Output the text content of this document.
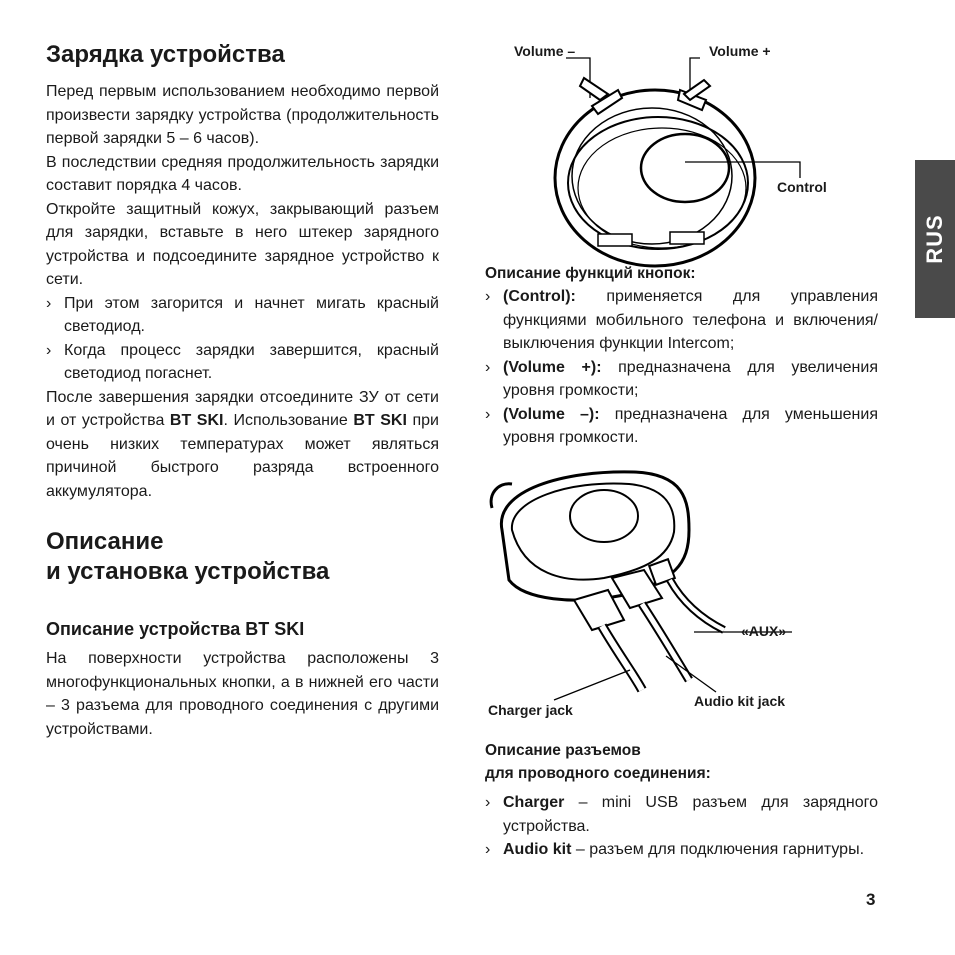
RUS
Зарядка устройства

Перед первым использованием необходимо первой произвести зарядку устройства (продолжительность первой зарядки 5 – 6 часов).

В последствии средняя продолжительность зарядки составит порядка 4 часов.

Откройте защитный кожух, закрывающий разъем для зарядки, вставьте в него штекер зарядного устройства и подсоедините зарядное устройство к сети.

› При этом загорится и начнет мигать красный светодиод.
› Когда процесс зарядки завершится, красный светодиод погаснет.

После завершения зарядки отсоедините ЗУ от сети и от устройства BT SKI. Использование BT SKI при очень низких температурах может являться причиной быстрого разряда встроенного аккумулятора.

Описание
и установка устройства
Описание устройства BT SKI

На поверхности устройства расположены 3 многофункциональных кнопки, а в нижней его части – 3 разъема для проводного соединения с другими устройствами.

Volume –	Volume +
Control
Описание функций кнопок:
› (Control): применяется для управления функциями мобильного телефона и включения/выключения функции Intercom;
› (Volume +): предназначена для увеличения уровня громкости;
› (Volume –): предназначена для уменьшения уровня громкости.
«AUX»
Charger jack
Audio kit jack
Описание разъемов
для проводного соединения:
› Charger – mini USB разъем для зарядного устройства.
› Audio kit – разъем для подключения гарнитуры.
3
